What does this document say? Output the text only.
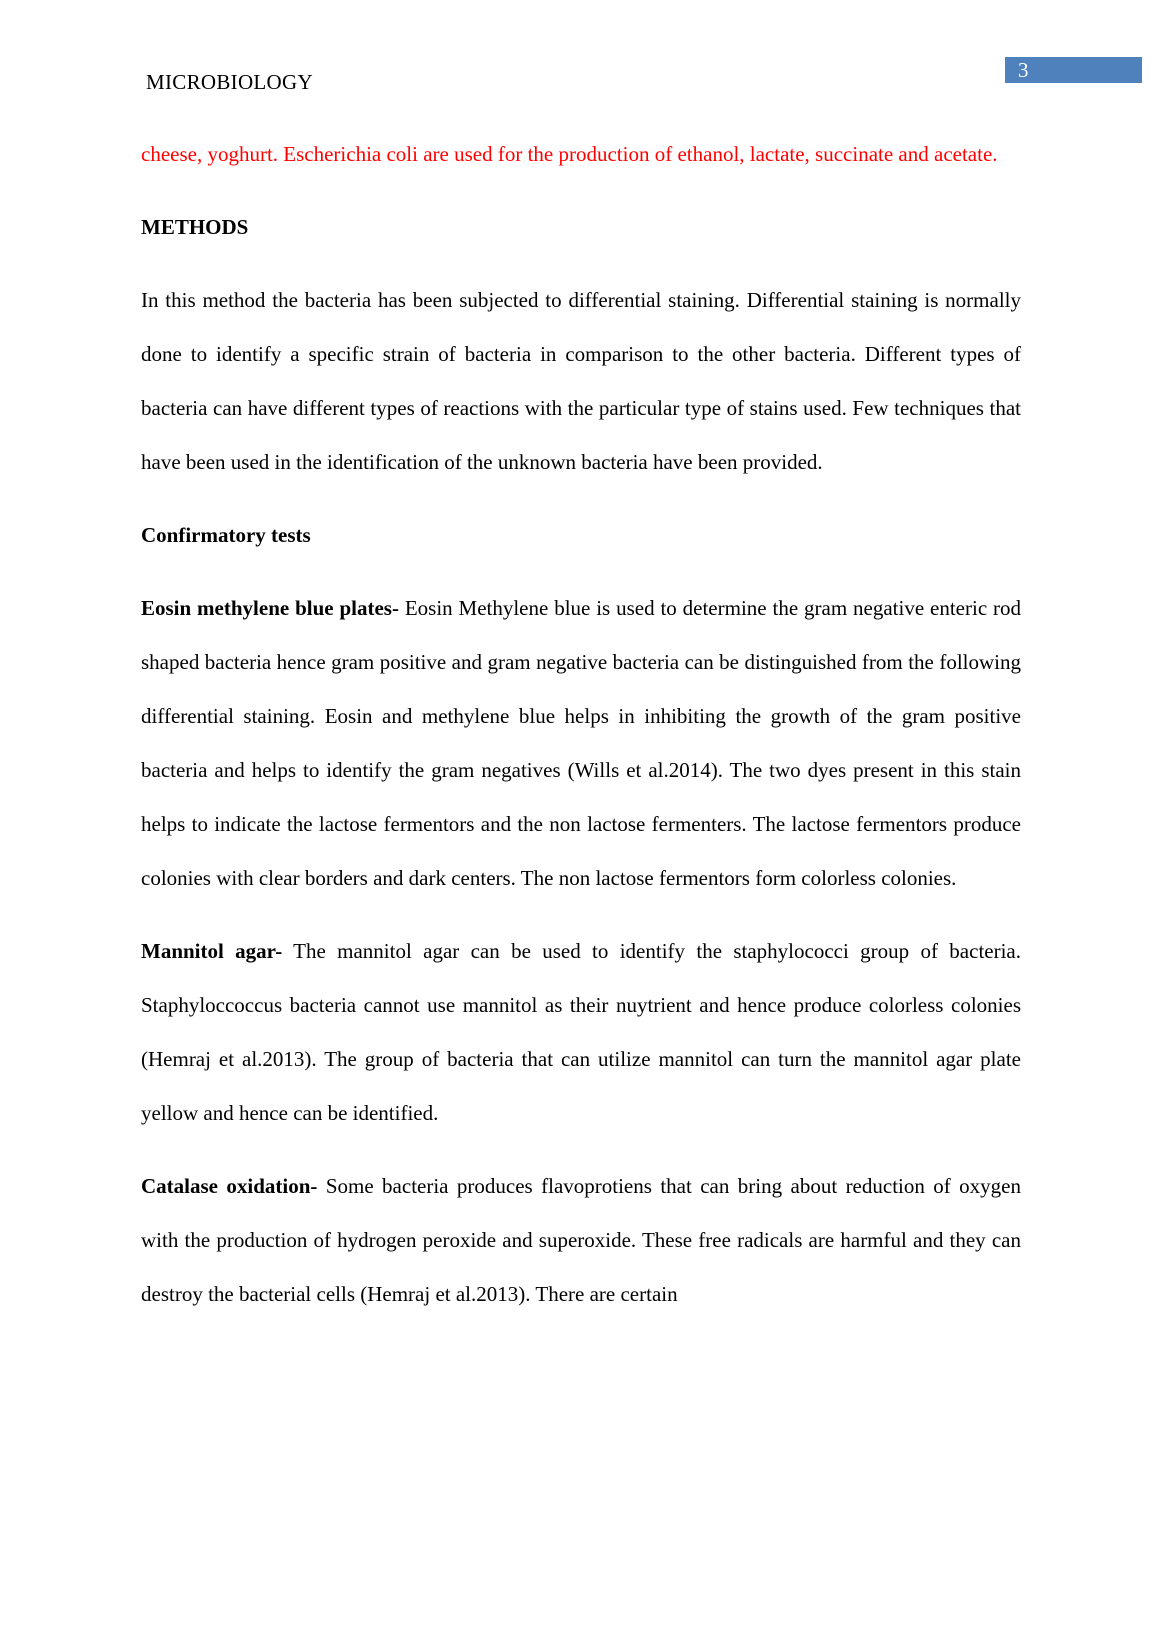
MICROBIOLOGY	3

cheese, yoghurt. Escherichia coli are used for the production of ethanol, lactate, succinate and acetate.

METHODS

In this method the bacteria has been subjected to differential staining. Differential staining is normally done to identify a specific strain of bacteria in comparison to the other bacteria. Different types of bacteria can have different types of reactions with the particular type of stains used. Few techniques that have been used in the identification of the unknown bacteria have been provided.

Confirmatory tests

Eosin methylene blue plates- Eosin Methylene blue is used to determine the gram negative enteric rod shaped bacteria hence gram positive and gram negative bacteria can be distinguished from the following differential staining. Eosin and methylene blue helps in inhibiting the growth of the gram positive bacteria and helps to identify the gram negatives (Wills et al.2014). The two dyes present in this stain helps to indicate the lactose fermentors and the non lactose fermenters. The lactose fermentors produce colonies with clear borders and dark centers. The non lactose fermentors form colorless colonies.

Mannitol agar- The mannitol agar can be used to identify the staphylococci group of bacteria. Staphyloccoccus bacteria cannot use mannitol as their nuytrient and hence produce colorless colonies (Hemraj et al.2013). The group of bacteria that can utilize mannitol can turn the mannitol agar plate yellow and hence can be identified.

Catalase oxidation- Some bacteria produces flavoprotiens that can bring about reduction of oxygen with the production of hydrogen peroxide and superoxide. These free radicals are harmful and they can destroy the bacterial cells (Hemraj et al.2013). There are certain
